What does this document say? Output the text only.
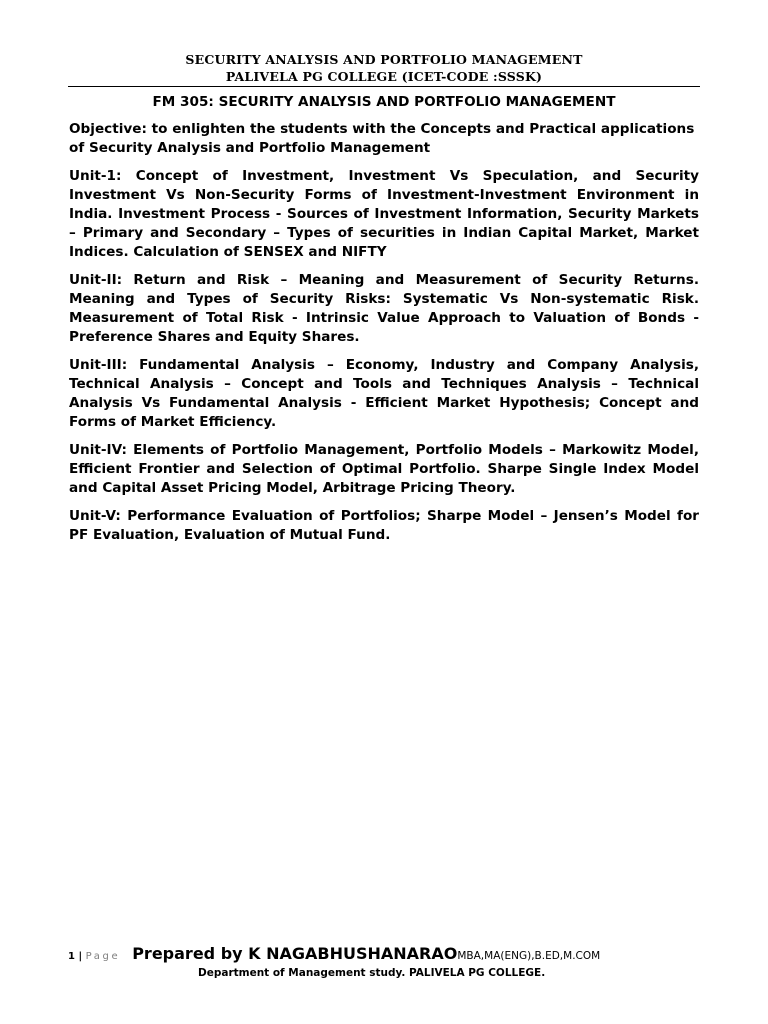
SECURITY ANALYSIS AND PORTFOLIO MANAGEMENT
PALIVELA PG COLLEGE (ICET-CODE :SSSK)

FM 305: SECURITY ANALYSIS AND PORTFOLIO MANAGEMENT

Objective: to enlighten the students with the Concepts and Practical applications of Security Analysis and Portfolio Management

Unit-1: Concept of Investment, Investment Vs Speculation, and Security Investment Vs Non-Security Forms of Investment-Investment Environment in India. Investment Process - Sources of Investment Information, Security Markets – Primary and Secondary – Types of securities in Indian Capital Market, Market Indices. Calculation of SENSEX and NIFTY

Unit-II: Return and Risk – Meaning and Measurement of Security Returns. Meaning and Types of Security Risks: Systematic Vs Non-systematic Risk. Measurement of Total Risk - Intrinsic Value Approach to Valuation of Bonds - Preference Shares and Equity Shares.

Unit-III: Fundamental Analysis – Economy, Industry and Company Analysis, Technical Analysis – Concept and Tools and Techniques Analysis – Technical Analysis Vs Fundamental Analysis - Efficient Market Hypothesis; Concept and Forms of Market Efficiency.

Unit-IV: Elements of Portfolio Management, Portfolio Models – Markowitz Model, Efficient Frontier and Selection of Optimal Portfolio. Sharpe Single Index Model and Capital Asset Pricing Model, Arbitrage Pricing Theory.

Unit-V: Performance Evaluation of Portfolios; Sharpe Model – Jensen’s Model for PF Evaluation, Evaluation of Mutual Fund.

1 | Page Prepared by K NAGABHUSHANARAOMBA,MA(ENG),B.ED,M.COM
Department of Management study. PALIVELA PG COLLEGE.
